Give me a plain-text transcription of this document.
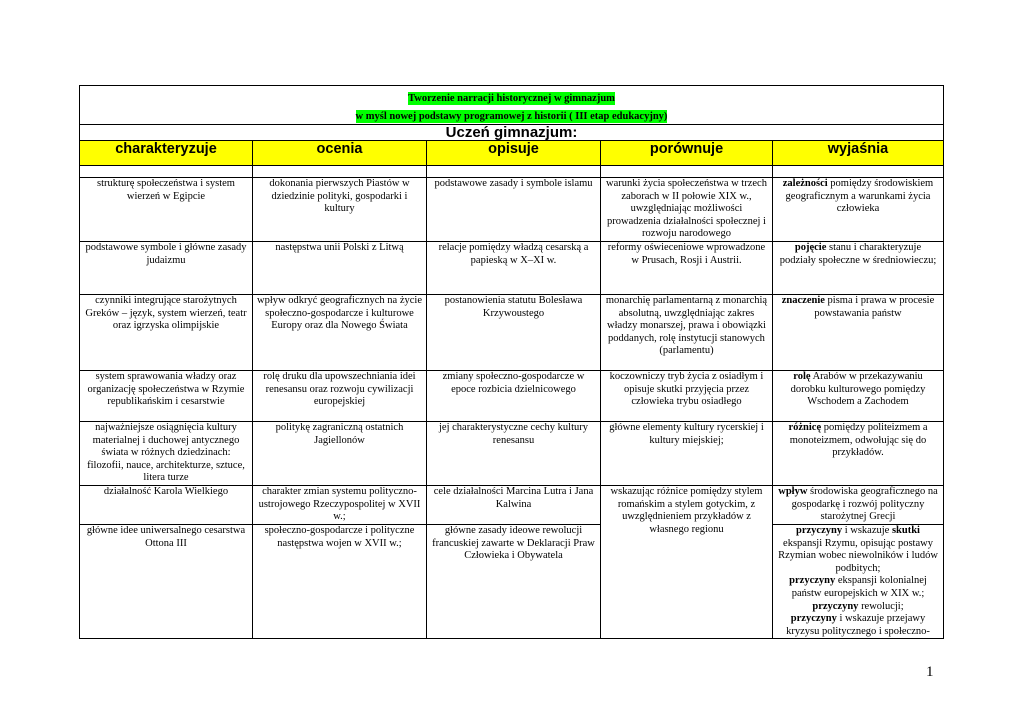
Tworzenie narracji historycznej w gimnazjum
w myśl nowej podstawy programowej z historii ( III etap edukacyjny)				
Uczeń gimnazjum:				
charakteryzuje	ocenia	opisuje	porównuje	wyjaśnia

strukturę społeczeństwa i system wierzeń w Egipcie	dokonania pierwszych Piastów w dziedzinie polityki, gospodarki i kultury	podstawowe zasady i symbole islamu	warunki życia społeczeństwa w trzech zaborach w II połowie XIX w., uwzględniając możliwości prowadzenia działalności społecznej i rozwoju narodowego	zależności pomiędzy środowiskiem geograficznym a warunkami życia człowieka
podstawowe symbole i główne zasady judaizmu	następstwa unii Polski z Litwą	relacje pomiędzy władzą cesarską a papieską w X–XI w.	reformy oświeceniowe wprowadzone w Prusach, Rosji i Austrii.	pojęcie stanu i charakteryzuje podziały społeczne w średniowieczu;
czynniki integrujące starożytnych Greków – język, system wierzeń, teatr oraz igrzyska olimpijskie	wpływ odkryć geograficznych na życie społeczno-gospodarcze i kulturowe Europy oraz dla Nowego Świata	postanowienia statutu Bolesława Krzywoustego	monarchię parlamentarną z monarchią absolutną, uwzględniając zakres władzy monarszej, prawa i obowiązki poddanych, rolę instytucji stanowych (parlamentu)	znaczenie pisma i prawa w procesie powstawania państw
system sprawowania władzy oraz organizację społeczeństwa w Rzymie republikańskim i cesarstwie	rolę druku dla upowszechniania idei renesansu oraz rozwoju cywilizacji europejskiej	zmiany społeczno-gospodarcze w epoce rozbicia dzielnicowego	koczowniczy tryb życia z osiadłym i opisuje skutki przyjęcia przez człowieka trybu osiadłego	rolę Arabów w przekazywaniu dorobku kulturowego pomiędzy Wschodem a Zachodem
najważniejsze osiągnięcia kultury materialnej i duchowej antycznego świata w różnych dziedzinach: filozofii, nauce, architekturze, sztuce, litera turze	politykę zagraniczną ostatnich Jagiellonów	jej charakterystyczne cechy kultury renesansu	główne elementy kultury rycerskiej i kultury miejskiej;	różnicę pomiędzy politeizmem a monoteizmem, odwołując się do przykładów.
działalność Karola Wielkiego	charakter zmian systemu polityczno-ustrojowego Rzeczypospolitej w XVII w.;	cele działalności Marcina Lutra i Jana Kalwina	wskazując różnice pomiędzy stylem romańskim a stylem gotyckim, z uwzględnieniem przykładów z własnego regionu	wpływ środowiska geograficznego na gospodarkę i rozwój polityczny starożytnej Grecji
główne idee uniwersalnego cesarstwa Ottona III	społeczno-gospodarcze i polityczne następstwa wojen w XVII w.;	główne zasady ideowe rewolucji francuskiej zawarte w Deklaracji Praw Człowieka i Obywatela		przyczyny i wskazuje skutki ekspansji Rzymu, opisując postawy Rzymian wobec niewolników i ludów podbitych;
przyczyny ekspansji kolonialnej państw europejskich w XIX w.;
przyczyny rewolucji;
przyczyny i wskazuje przejawy kryzysu politycznego i społeczno-
1
